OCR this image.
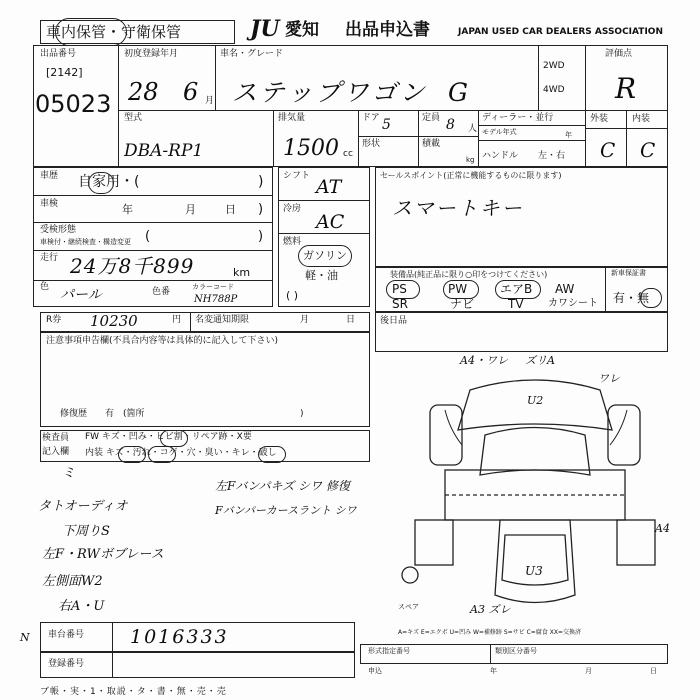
車内保管・守衛保管	JU 愛知 出品申込書	JAPAN USED CAR DEALERS ASSOCIATION
出品番号
[2142]
05023
初度登録年月
28 6 月
車名・グレード
ステップワゴン G
2WD
4WD
評価点
R
型式
DBA-RP1
排気量
1500 cc
ドア 5	定員 8 人
形状	積載
kg
ディーラー・並行
モデル年式	年
ハンドル 左・右
外装	内装
C C
車歴 自家用・(	)
車検	年	月	日 )
受検形態
車検付・継続検査・構造変更 (	)
走行 24万8千899	km
色 パール	色番	カラーコード
NH788P
シフト AT
冷房
AC
燃料
ガソリン
軽・油
( )
セールスポイント(正常に機能するものに限ります)
スマートキー
装備品(純正品に限り○印をつけてください)
PS	PW	エアB AW
SR	ナビ	TV カワシート
新車保証書
有・無
R券 10230	円 名変通知期限	月	日	後日品
注意事項申告欄(不具合内容等は具体的に記入して下さい)
修復歴　　有　(箇所	)
検査員
記入欄
FW キズ・凹み・ヒビ割・リペア跡・X要
内装 キズ・汚れ・コゲ・穴・臭い・キレ・破し
ミ
タトオーディオ
下周りS
左F・RWボブレース
左側面W2
右A・U
左Fバンパキズ シワ 修復
Fバンパーカースラント シワ
A4・ワレ ズリA
ワレ
U2
A4
U3
A3 ズレ
スペア
A=キズ E=エクボ U=凹み W=補修跡 S=サビ C=腐食 XX=交換済
N 車台番号 1016333
登録番号
形式指定番号	類別区分番号
申込	年	月	日
ブ帳・実・1・取説・タ・書・無・売・売
